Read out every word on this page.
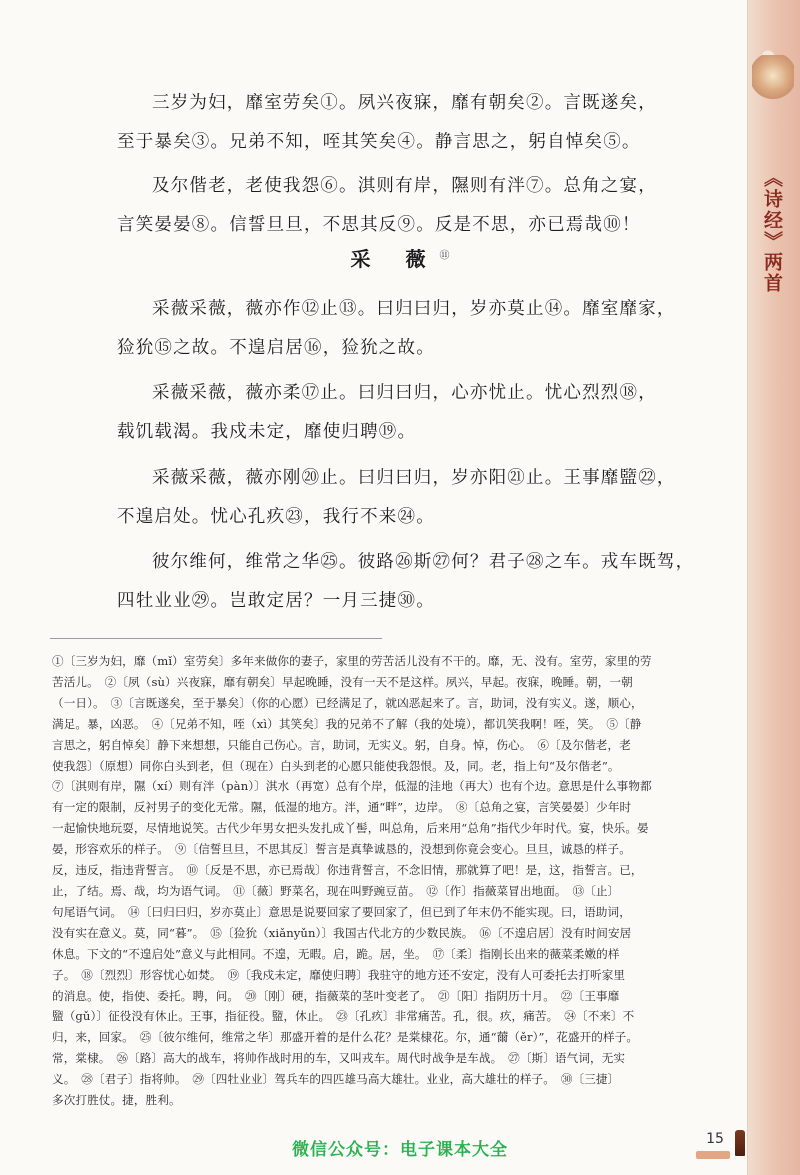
《诗经》两首
三岁为妇，靡室劳矣①。夙兴夜寐，靡有朝矣②。言既遂矣，
至于暴矣③。兄弟不知，咥其笑矣④。静言思之，躬自悼矣⑤。
及尔偕老，老使我怨⑥。淇则有岸，隰则有泮⑦。总角之宴，
言笑晏晏⑧。信誓旦旦，不思其反⑨。反是不思，亦已焉哉⑩！
采 薇⑪
采薇采薇，薇亦作⑫止⑬。曰归曰归，岁亦莫止⑭。靡室靡家，
猃狁⑮之故。不遑启居⑯，猃狁之故。
采薇采薇，薇亦柔⑰止。曰归曰归，心亦忧止。忧心烈烈⑱，
载饥载渴。我戍未定，靡使归聘⑲。
采薇采薇，薇亦刚⑳止。曰归曰归，岁亦阳㉑止。王事靡盬㉒，
不遑启处。忧心孔疚㉓，我行不来㉔。
彼尔维何，维常之华㉕。彼路㉖斯㉗何？君子㉘之车。戎车既驾，
四牡业业㉙。岂敢定居？一月三捷㉚。
①〔三岁为妇，靡（mǐ）室劳矣〕多年来做你的妻子，家里的劳苦活儿没有不干的。靡，无、没有。室劳，家里的劳
苦活儿。　②〔夙（sù）兴夜寐，靡有朝矣〕早起晚睡，没有一天不是这样。夙兴，早起。夜寐，晚睡。朝，一朝
（一日）。　③〔言既遂矣，至于暴矣〕（你的心愿）已经满足了，就凶恶起来了。言，助词，没有实义。遂，顺心，
满足。暴，凶恶。　④〔兄弟不知，咥（xì）其笑矣〕我的兄弟不了解（我的处境），都讥笑我啊！咥，笑。　⑤〔静
言思之，躬自悼矣〕静下来想想，只能自己伤心。言，助词，无实义。躬，自身。悼，伤心。　⑥〔及尔偕老，老
使我怨〕（原想）同你白头到老，但（现在）白头到老的心愿只能使我怨恨。及，同。老，指上句“及尔偕老”。
⑦〔淇则有岸，隰（xí）则有泮（pàn）〕淇水（再宽）总有个岸，低湿的洼地（再大）也有个边。意思是什么事物都
有一定的限制，反衬男子的变化无常。隰，低湿的地方。泮，通“畔”，边岸。　⑧〔总角之宴，言笑晏晏〕少年时
一起愉快地玩耍，尽情地说笑。古代少年男女把头发扎成丫髻，叫总角，后来用“总角”指代少年时代。宴，快乐。晏
晏，形容欢乐的样子。　⑨〔信誓旦旦，不思其反〕誓言是真挚诚恳的，没想到你竟会变心。旦旦，诚恳的样子。
反，违反，指违背誓言。　⑩〔反是不思，亦已焉哉〕你违背誓言，不念旧情，那就算了吧！是，这，指誓言。已，
止，了结。焉、哉，均为语气词。　⑪〔薇〕野菜名，现在叫野豌豆苗。　⑫〔作〕指薇菜冒出地面。　⑬〔止〕
句尾语气词。　⑭〔曰归曰归，岁亦莫止〕意思是说要回家了要回家了，但已到了年末仍不能实现。曰，语助词，
没有实在意义。莫，同“暮”。　⑮〔猃狁（xiǎnyǔn）〕我国古代北方的少数民族。　⑯〔不遑启居〕没有时间安居
休息。下文的“不遑启处”意义与此相同。不遑，无暇。启，跪。居，坐。　⑰〔柔〕指刚长出来的薇菜柔嫩的样
子。　⑱〔烈烈〕形容忧心如焚。　⑲〔我戍未定，靡使归聘〕我驻守的地方还不安定，没有人可委托去打听家里
的消息。使，指使、委托。聘，问。　⑳〔刚〕硬，指薇菜的茎叶变老了。　㉑〔阳〕指阴历十月。　㉒〔王事靡
盬（gǔ）〕征役没有休止。王事，指征役。盬，休止。　㉓〔孔疚〕非常痛苦。孔，很。疚，痛苦。　㉔〔不来〕不
归，来，回家。　㉕〔彼尔维何，维常之华〕那盛开着的是什么花？是棠棣花。尔，通“薾（ěr）”，花盛开的样子。
常，棠棣。　㉖〔路〕高大的战车，将帅作战时用的车，又叫戎车。周代时战争是车战。　㉗〔斯〕语气词，无实
义。　㉘〔君子〕指将帅。　㉙〔四牡业业〕驾兵车的四匹雄马高大雄壮。业业，高大雄壮的样子。　㉚〔三捷〕
多次打胜仗。捷，胜利。
微信公众号：电子课本大全
15
